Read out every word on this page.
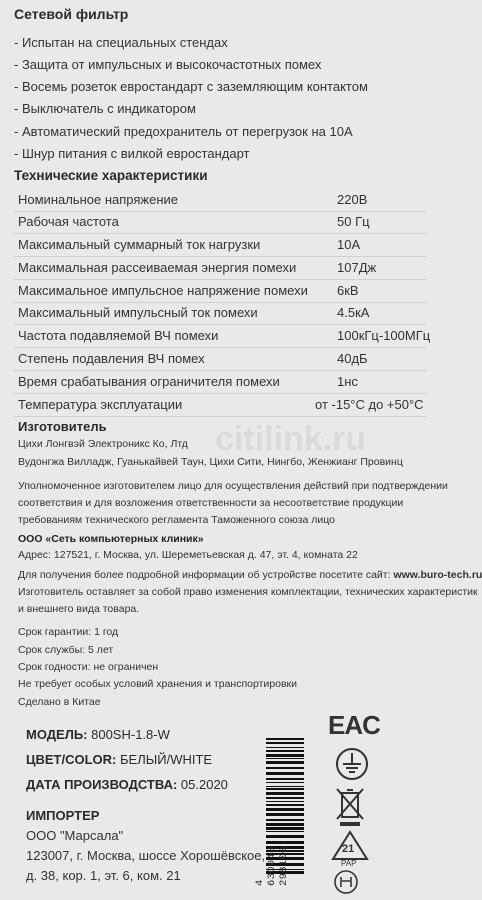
Сетевой фильтр
- Испытан на специальных стендах
- Защита от импульсных и высокочастотных помех
- Восемь розеток евростандарт с заземляющим контактом
- Выключатель с индикатором
- Автоматический предохранитель от перегрузок на 10А
- Шнур питания с вилкой евростандарт
Технические характеристики
Номинальное напряжение	220В
Рабочая частота	50 Гц
Максимальный суммарный ток нагрузки	10А
Максимальная рассеиваемая энергия помехи	107Дж
Максимальное импульсное напряжение помехи 6кВ
Максимальный импульсный ток помехи	4.5кА
Частота подавляемой ВЧ помехи	100кГц-100МГц
Степень подавления ВЧ помех	40дБ
Время срабатывания ограничителя помехи	1нс
Температура эксплуатации	от -15°С до +50°С
citilink.ru
Изготовитель
Цихи Лонгвэй Электроникс Ко, Лтд
Вудонгжа Вилладж, Гуанькайвей Таун, Цихи Сити, Нингбо, Женжианг Провинц
Уполномоченное изготовителем лицо для осуществления действий при подтверждении
соответствия и для возложения ответственности за несоответствие продукции
требованиям технического регламента Таможенного союза лицо
ООО «Сеть компьютерных клиник»
Адрес: 127521, г. Москва, ул. Шереметьевская д. 47, эт. 4, комната 22
Для получения более подробной информации об устройстве посетите сайт: www.buro-tech.ru
Изготовитель оставляет за собой право изменения комплектации, технических характеристик
и внешнего вида товара.
Срок гарантии: 1 год
Срок службы: 5 лет
Срок годности: не ограничен
Не требует особых условий хранения и транспортировки
Сделано в Китае
МОДЕЛЬ: 800SH-1.8-W
ЦВЕТ/COLOR: БЕЛЫЙ/WHITE
ДАТА ПРОИЗВОДСТВА: 05.2020
ИМПОРТЕР
ООО "Марсала"
123007, г. Москва, шоссе Хорошёвское,
д. 38, кор. 1, эт. 6, ком. 21	4 630043 298100
EAC
21
PAP
